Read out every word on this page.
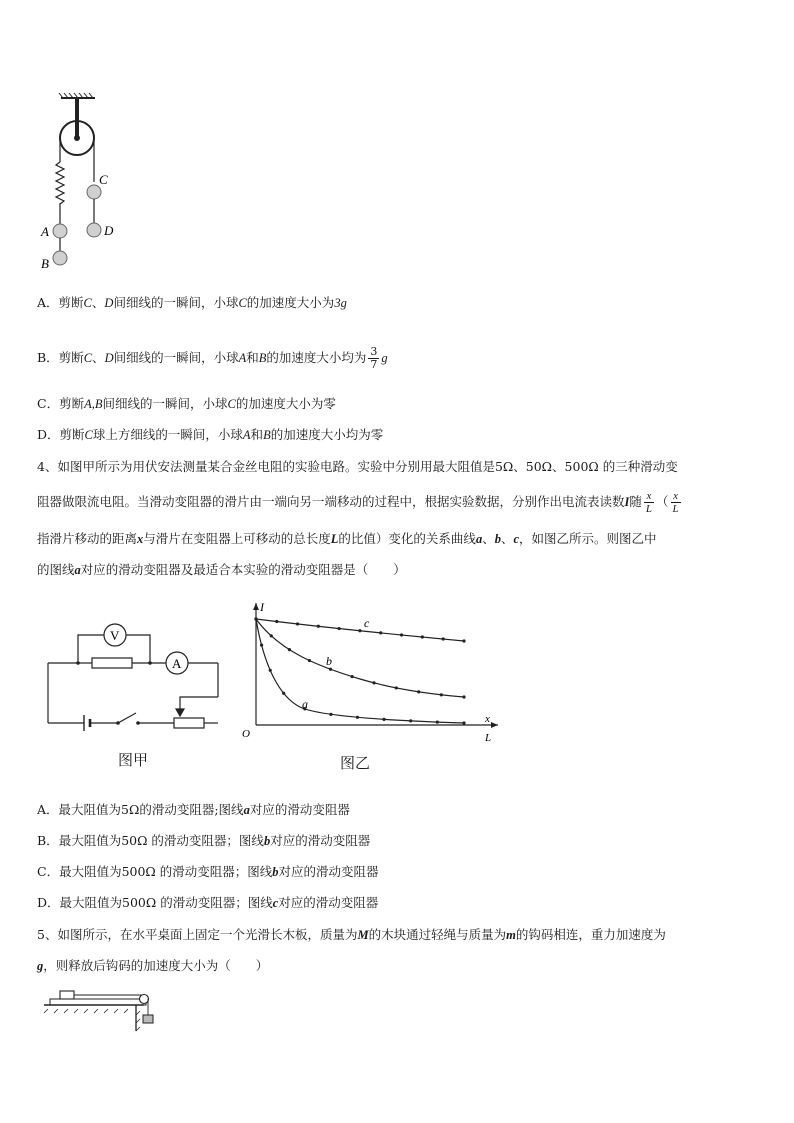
C
A	D
B
A．剪断C、D间细线的一瞬间，小球C的加速度大小为3g
B．剪断C、D间细线的一瞬间，小球A和B的加速度大小均为 $\frac{3}{7}$ g
C．剪断A,B间细线的一瞬间，小球C的加速度大小为零
D．剪断C球上方细线的一瞬间，小球A和B的加速度大小均为零
4、如图甲所示为用伏安法测量某合金丝电阻的实验电路。实验中分别用最大阻值是5Ω、50Ω、500Ω 的三种滑动变
阻器做限流电阻。当滑动变阻器的滑片由一端向另一端移动的过程中，根据实验数据，分别作出电流表读数I随 $\frac{x}{L}$ （ $\frac{x}{L}$
指滑片移动的距离x与滑片在变阻器上可移动的总长度L的比值）变化的关系曲线a、b、c，如图乙所示。则图乙中
的图线a对应的滑动变阻器及最适合本实验的滑动变阻器是（　　）
V
A
图甲
I
O
x
L
c
b
a
图乙
A．最大阻值为5Ω的滑动变阻器;图线a对应的滑动变阻器
B．最大阻值为50Ω 的滑动变阻器；图线b对应的滑动变阻器
C．最大阻值为500Ω 的滑动变阻器；图线b对应的滑动变阻器
D．最大阻值为500Ω 的滑动变阻器；图线c对应的滑动变阻器
5、如图所示，在水平桌面上固定一个光滑长木板，质量为M的木块通过轻绳与质量为m的钩码相连，重力加速度为
g，则释放后钩码的加速度大小为（　　）
